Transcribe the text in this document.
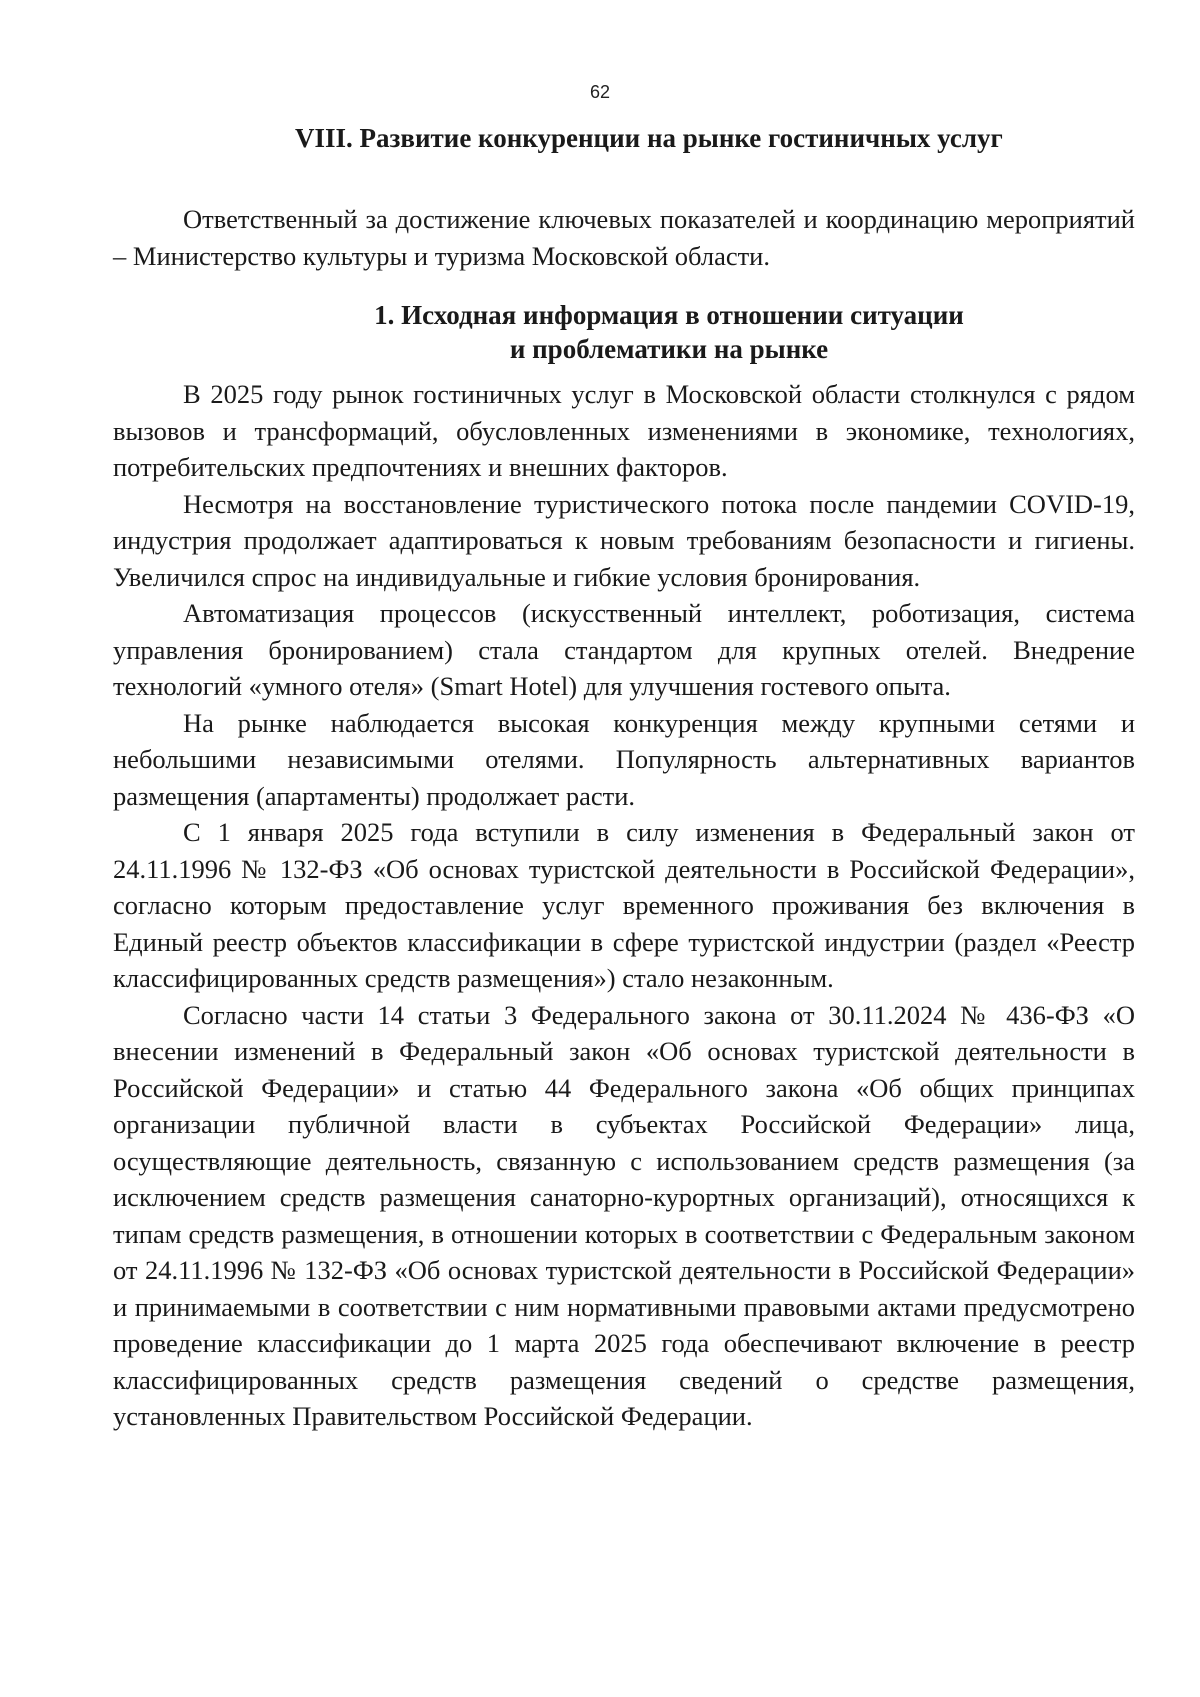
62
VIII. Развитие конкуренции на рынке гостиничных услуг

Ответственный за достижение ключевых показателей и координацию мероприятий – Министерство культуры и туризма Московской области.

1. Исходная информация в отношении ситуации
и проблематики на рынке

В 2025 году рынок гостиничных услуг в Московской области столкнулся с рядом вызовов и трансформаций, обусловленных изменениями в экономике, технологиях, потребительских предпочтениях и внешних факторов.

Несмотря на восстановление туристического потока после пандемии COVID-19, индустрия продолжает адаптироваться к новым требованиям безопасности и гигиены. Увеличился спрос на индивидуальные и гибкие условия бронирования.

Автоматизация процессов (искусственный интеллект, роботизация, система управления бронированием) стала стандартом для крупных отелей. Внедрение технологий «умного отеля» (Smart Hotel) для улучшения гостевого опыта.

На рынке наблюдается высокая конкуренция между крупными сетями и небольшими независимыми отелями. Популярность альтернативных вариантов размещения (апартаменты) продолжает расти.

С 1 января 2025 года вступили в силу изменения в Федеральный закон от 24.11.1996 № 132-ФЗ «Об основах туристской деятельности в Российской Федерации», согласно которым предоставление услуг временного проживания без включения в Единый реестр объектов классификации в сфере туристской индустрии (раздел «Реестр классифицированных средств размещения») стало незаконным.

Согласно части 14 статьи 3 Федерального закона от 30.11.2024 № 436-ФЗ «О внесении изменений в Федеральный закон «Об основах туристской деятельности в Российской Федерации» и статью 44 Федерального закона «Об общих принципах организации публичной власти в субъектах Российской Федерации» лица, осуществляющие деятельность, связанную с использованием средств размещения (за исключением средств размещения санаторно-курортных организаций), относящихся к типам средств размещения, в отношении которых в соответствии с Федеральным законом от 24.11.1996 № 132-ФЗ «Об основах туристской деятельности в Российской Федерации» и принимаемыми в соответствии с ним нормативными правовыми актами предусмотрено проведение классификации до 1 марта 2025 года обеспечивают включение в реестр классифицированных средств размещения сведений о средстве размещения, установленных Правительством Российской Федерации.
